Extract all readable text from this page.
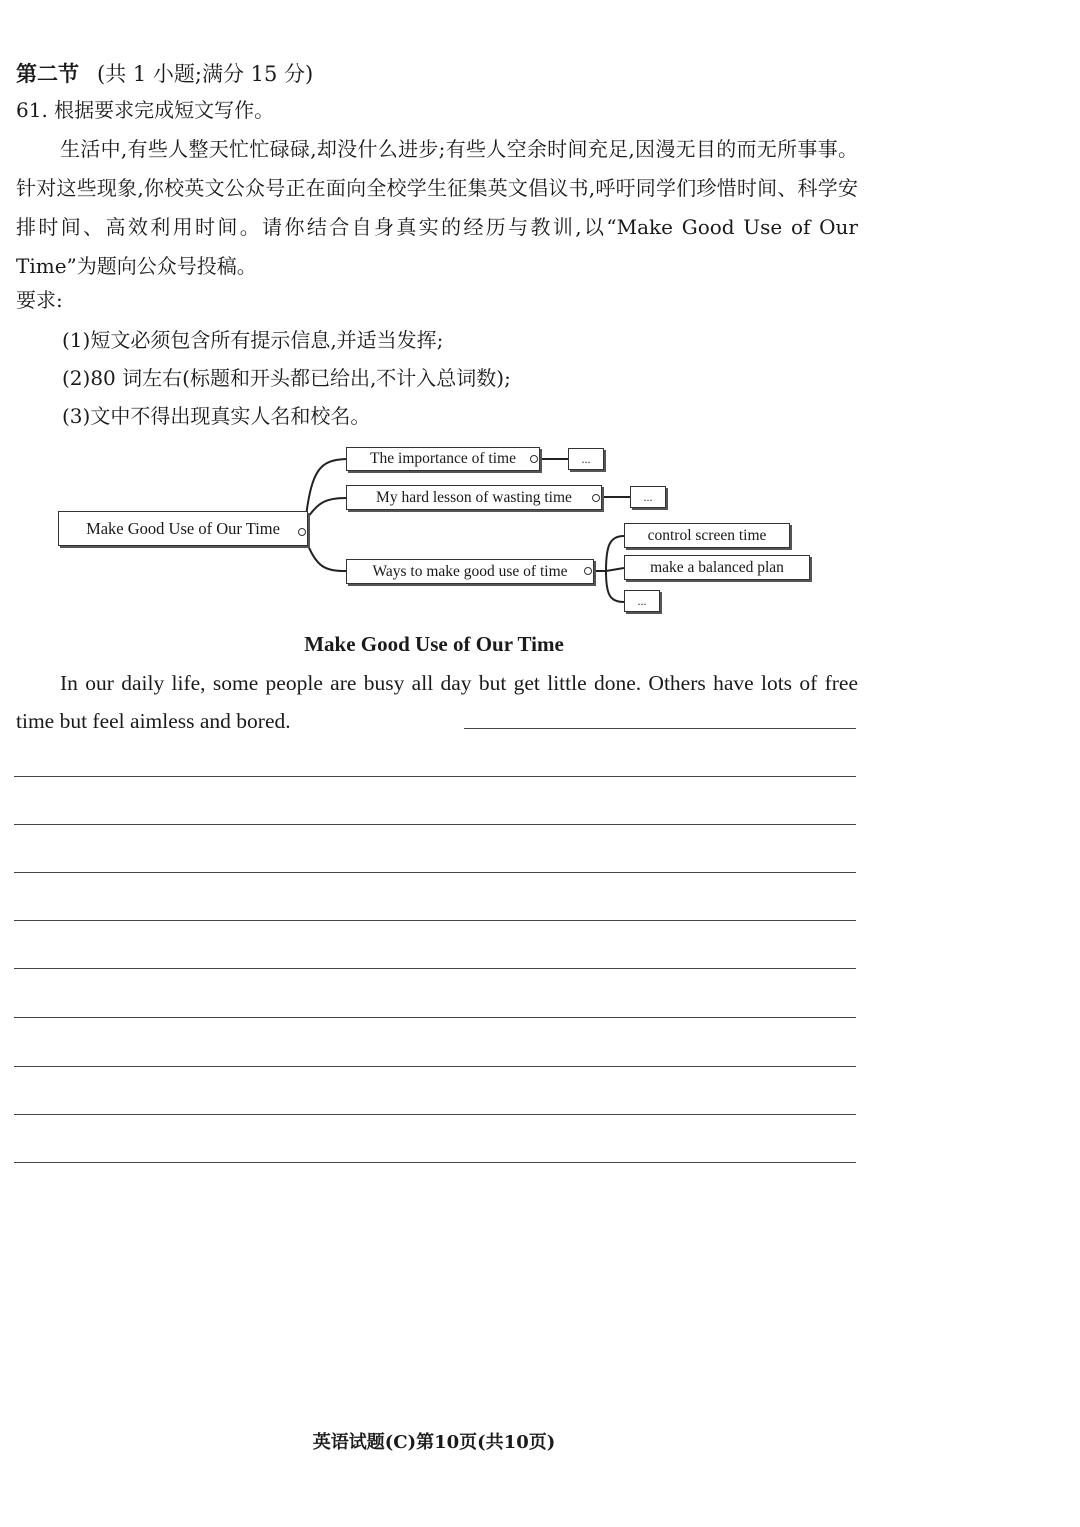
第二节 (共 1 小题;满分 15 分)
61. 根据要求完成短文写作。
生活中,有些人整天忙忙碌碌,却没什么进步;有些人空余时间充足,因漫无目的而无所事事。针对这些现象,你校英文公众号正在面向全校学生征集英文倡议书,呼吁同学们珍惜时间、科学安排时间、高效利用时间。请你结合自身真实的经历与教训,以“Make Good Use of Our Time”为题向公众号投稿。
要求:
(1)短文必须包含所有提示信息,并适当发挥;
(2)80 词左右(标题和开头都已给出,不计入总词数);
(3)文中不得出现真实人名和校名。
Make Good Use of Our Time
The importance of time
My hard lesson of wasting time
Ways to make good use of time
...
...
control screen time
make a balanced plan
...
Make Good Use of Our Time
In our daily life, some people are busy all day but get little done. Others have lots of free time but feel aimless and bored.
英语试题(C)第10页(共10页)
